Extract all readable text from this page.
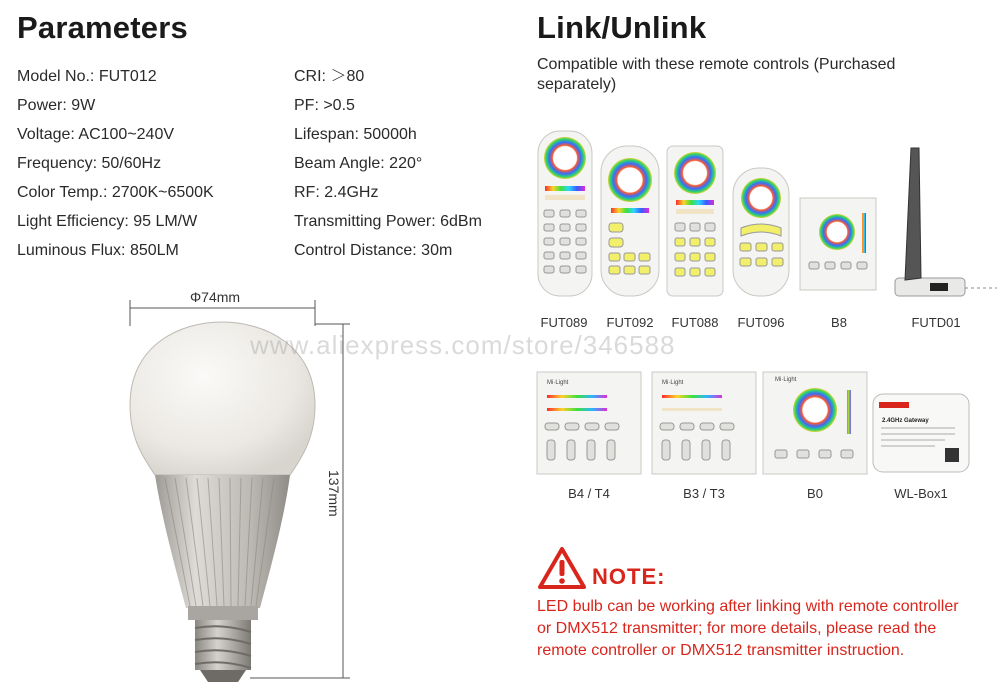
Parameters
Model No.: FUT012
Power: 9W
Voltage: AC100~240V
Frequency: 50/60Hz
Color Temp.: 2700K~6500K
Light Efficiency: 95 LM/W
Luminous Flux: 850LM
CRI: ＞80
PF: >0.5
Lifespan: 50000h
Beam Angle: 220°
RF: 2.4GHz
Transmitting Power: 6dBm
Control Distance: 30m
Φ74mm
137mm
www.aliexpress.com/store/346588
Link/Unlink
Compatible with these remote controls (Purchased separately)
FUT089	FUT092	FUT088	FUT096	B8	FUTD01
Mi·Light	Mi·Light	Mi·Light
2.4GHz Gateway
B4 / T4	B3 / T3	B0	WL-Box1
NOTE:
LED bulb can be working after linking with remote controller or DMX512 transmitter; for more details, please read the remote controller or DMX512 transmitter instruction.
